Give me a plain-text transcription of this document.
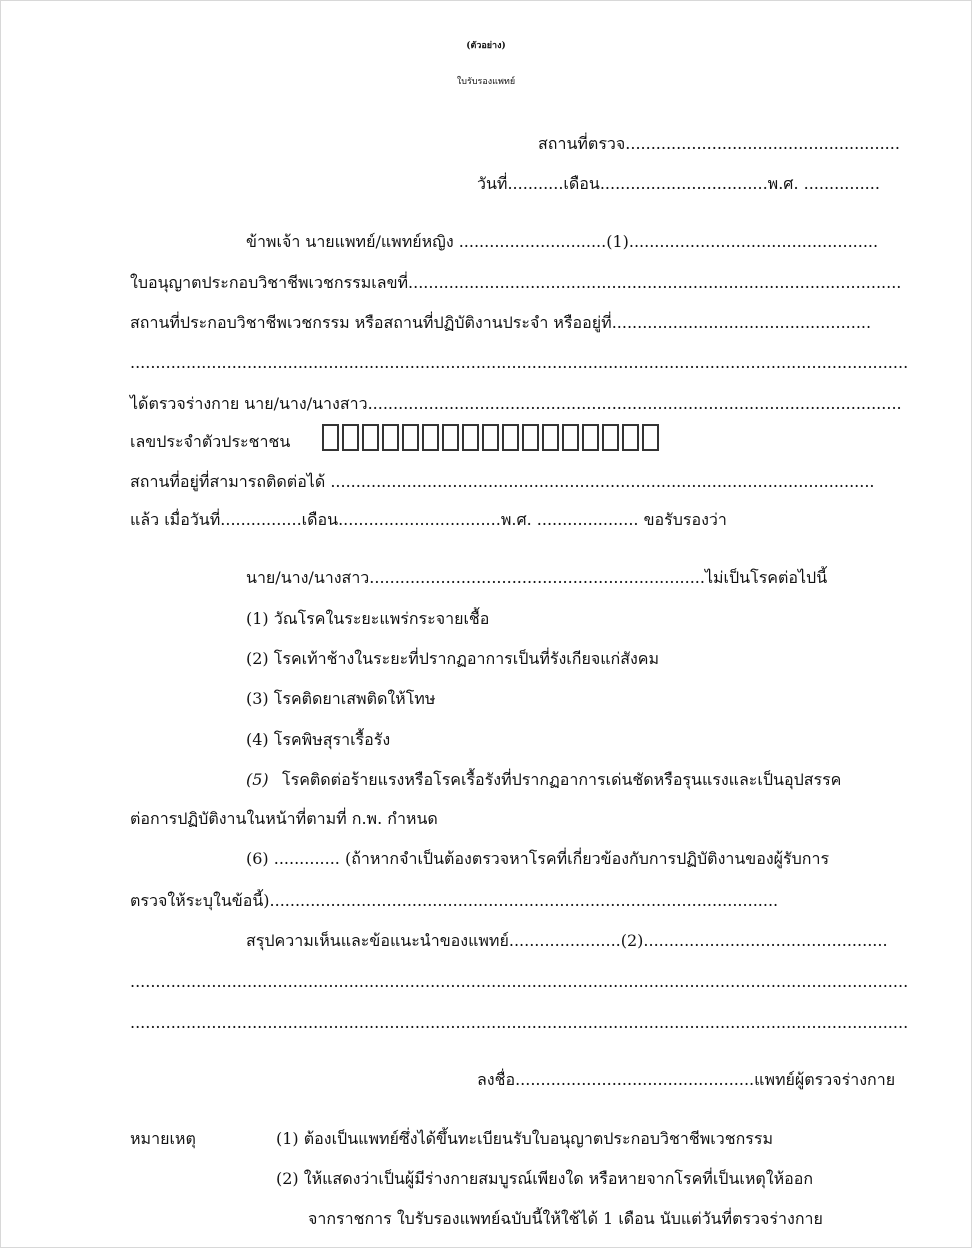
(ตัวอย่าง)
ใบรับรองแพทย์
สถานที่ตรวจ......................................................
วันที่...........เดือน.................................พ.ศ. ...............
ข้าพเจ้า นายแพทย์/แพทย์หญิง .............................(1).................................................
ใบอนุญาตประกอบวิชาชีพเวชกรรมเลขที่.................................................................................................
สถานที่ประกอบวิชาชีพเวชกรรม หรือสถานที่ปฏิบัติงานประจำ หรืออยู่ที่...................................................
.........................................................................................................................................................
ได้ตรวจร่างกาย นาย/นาง/นางสาว.........................................................................................................
เลขประจำตัวประชาชน
สถานที่อยู่ที่สามารถติดต่อได้ ...........................................................................................................
แล้ว เมื่อวันที่................เดือน................................พ.ศ. .................... ขอรับรองว่า
นาย/นาง/นางสาว..................................................................ไม่เป็นโรคต่อไปนี้
(1) วัณโรคในระยะแพร่กระจายเชื้อ
(2) โรคเท้าช้างในระยะที่ปรากฏอาการเป็นที่รังเกียจแก่สังคม
(3) โรคติดยาเสพติดให้โทษ
(4) โรคพิษสุราเรื้อรัง
(5) โรคติดต่อร้ายแรงหรือโรคเรื้อรังที่ปรากฏอาการเด่นชัดหรือรุนแรงและเป็นอุปสรรค
ต่อการปฏิบัติงานในหน้าที่ตามที่ ก.พ. กำหนด
(6) ............. (ถ้าหากจำเป็นต้องตรวจหาโรคที่เกี่ยวข้องกับการปฏิบัติงานของผู้รับการ
ตรวจให้ระบุในข้อนี้)....................................................................................................
สรุปความเห็นและข้อแนะนำของแพทย์......................(2)................................................
.........................................................................................................................................................
.........................................................................................................................................................
ลงชื่อ...............................................แพทย์ผู้ตรวจร่างกาย
หมายเหตุ	(1) ต้องเป็นแพทย์ซึ่งได้ขึ้นทะเบียนรับใบอนุญาตประกอบวิชาชีพเวชกรรม
(2) ให้แสดงว่าเป็นผู้มีร่างกายสมบูรณ์เพียงใด หรือหายจากโรคที่เป็นเหตุให้ออก
จากราชการ ใบรับรองแพทย์ฉบับนี้ให้ใช้ได้ 1 เดือน นับแต่วันที่ตรวจร่างกาย
